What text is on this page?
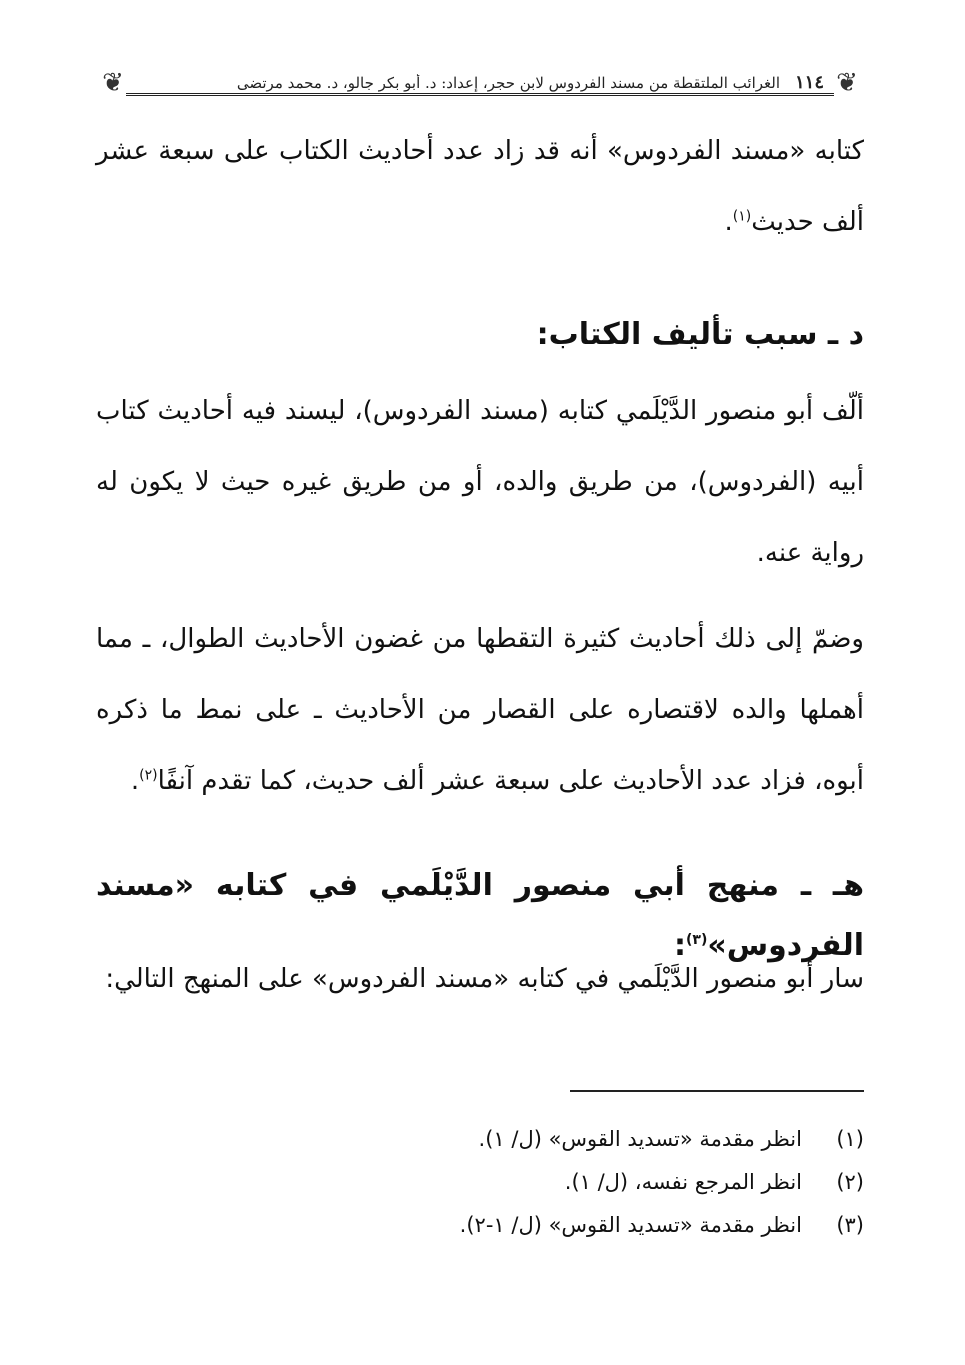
❦	الغرائب الملتقطة من مسند الفردوس لابن حجر، إعداد: د. أبو بكر جالو، د. محمد مرتضى ١١٤ ❦

كتابه «مسند الفردوس» أنه قد زاد عدد أحاديث الكتاب على سبعة عشر ألف حديث$^{(١)}$.

د ـ سبب تأليف الكتاب:

ألّف أبو منصور الدَّيْلَمي كتابه (مسند الفردوس)، ليسند فيه أحاديث كتاب أبيه (الفردوس)، من طريق والده، أو من طريق غيره حيث لا يكون له رواية عنه.

وضمّ إلى ذلك أحاديث كثيرة التقطها من غضون الأحاديث الطوال، ـ مما أهملها والده لاقتصاره على القصار من الأحاديث ـ على نمط ما ذكره أبوه، فزاد عدد الأحاديث على سبعة عشر ألف حديث، كما تقدم آنفًا$^{(٢)}$.

هـ ـ منهج أبي منصور الدَّيْلَمي في كتابه «مسند الفردوس»$^{(٣)}$:

سار أبو منصور الدَّيْلَمي في كتابه «مسند الفردوس» على المنهج التالي:

(١)انظر مقدمة «تسديد القوس» (ل/ ١).
(٢)انظر المرجع نفسه، (ل/ ١).
(٣)انظر مقدمة «تسديد القوس» (ل/ ١-٢).
